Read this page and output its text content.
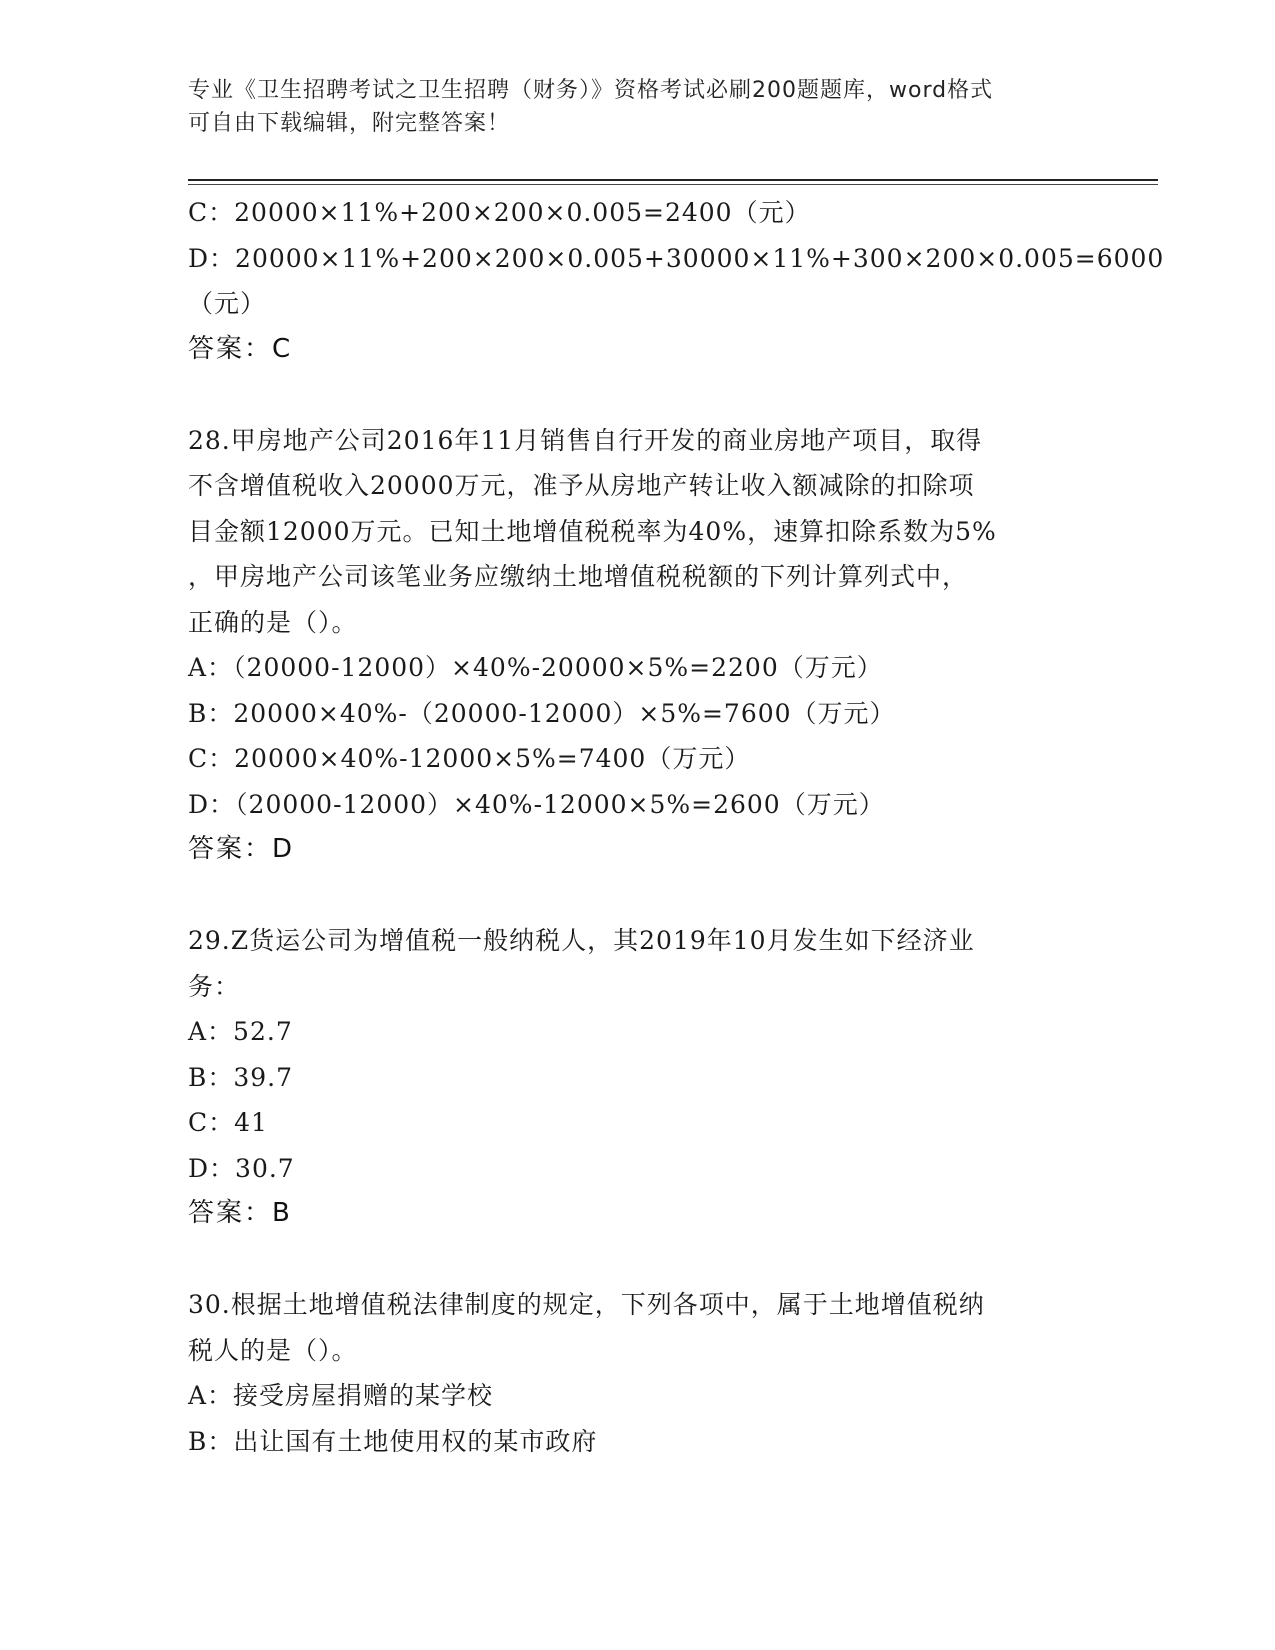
专业《卫生招聘考试之卫生招聘（财务）》资格考试必刷200题题库，word格式
可自由下载编辑，附完整答案！
C：20000×11%+200×200×0.005=2400（元）
D：20000×11%+200×200×0.005+30000×11%+300×200×0.005=6000
（元）
答案：C
28.甲房地产公司2016年11月销售自行开发的商业房地产项目，取得
不含增值税收入20000万元，准予从房地产转让收入额减除的扣除项
目金额12000万元。已知土地增值税税率为40%，速算扣除系数为5%
，甲房地产公司该笔业务应缴纳土地增值税税额的下列计算列式中，
正确的是（）。
A：（20000-12000）×40%-20000×5%=2200（万元）
B：20000×40%-（20000-12000）×5%=7600（万元）
C：20000×40%-12000×5%=7400（万元）
D：（20000-12000）×40%-12000×5%=2600（万元）
答案：D
29.Z货运公司为增值税一般纳税人，其2019年10月发生如下经济业
务：
A：52.7
B：39.7
C：41
D：30.7
答案：B
30.根据土地增值税法律制度的规定，下列各项中，属于土地增值税纳
税人的是（）。
A：接受房屋捐赠的某学校
B：出让国有土地使用权的某市政府
